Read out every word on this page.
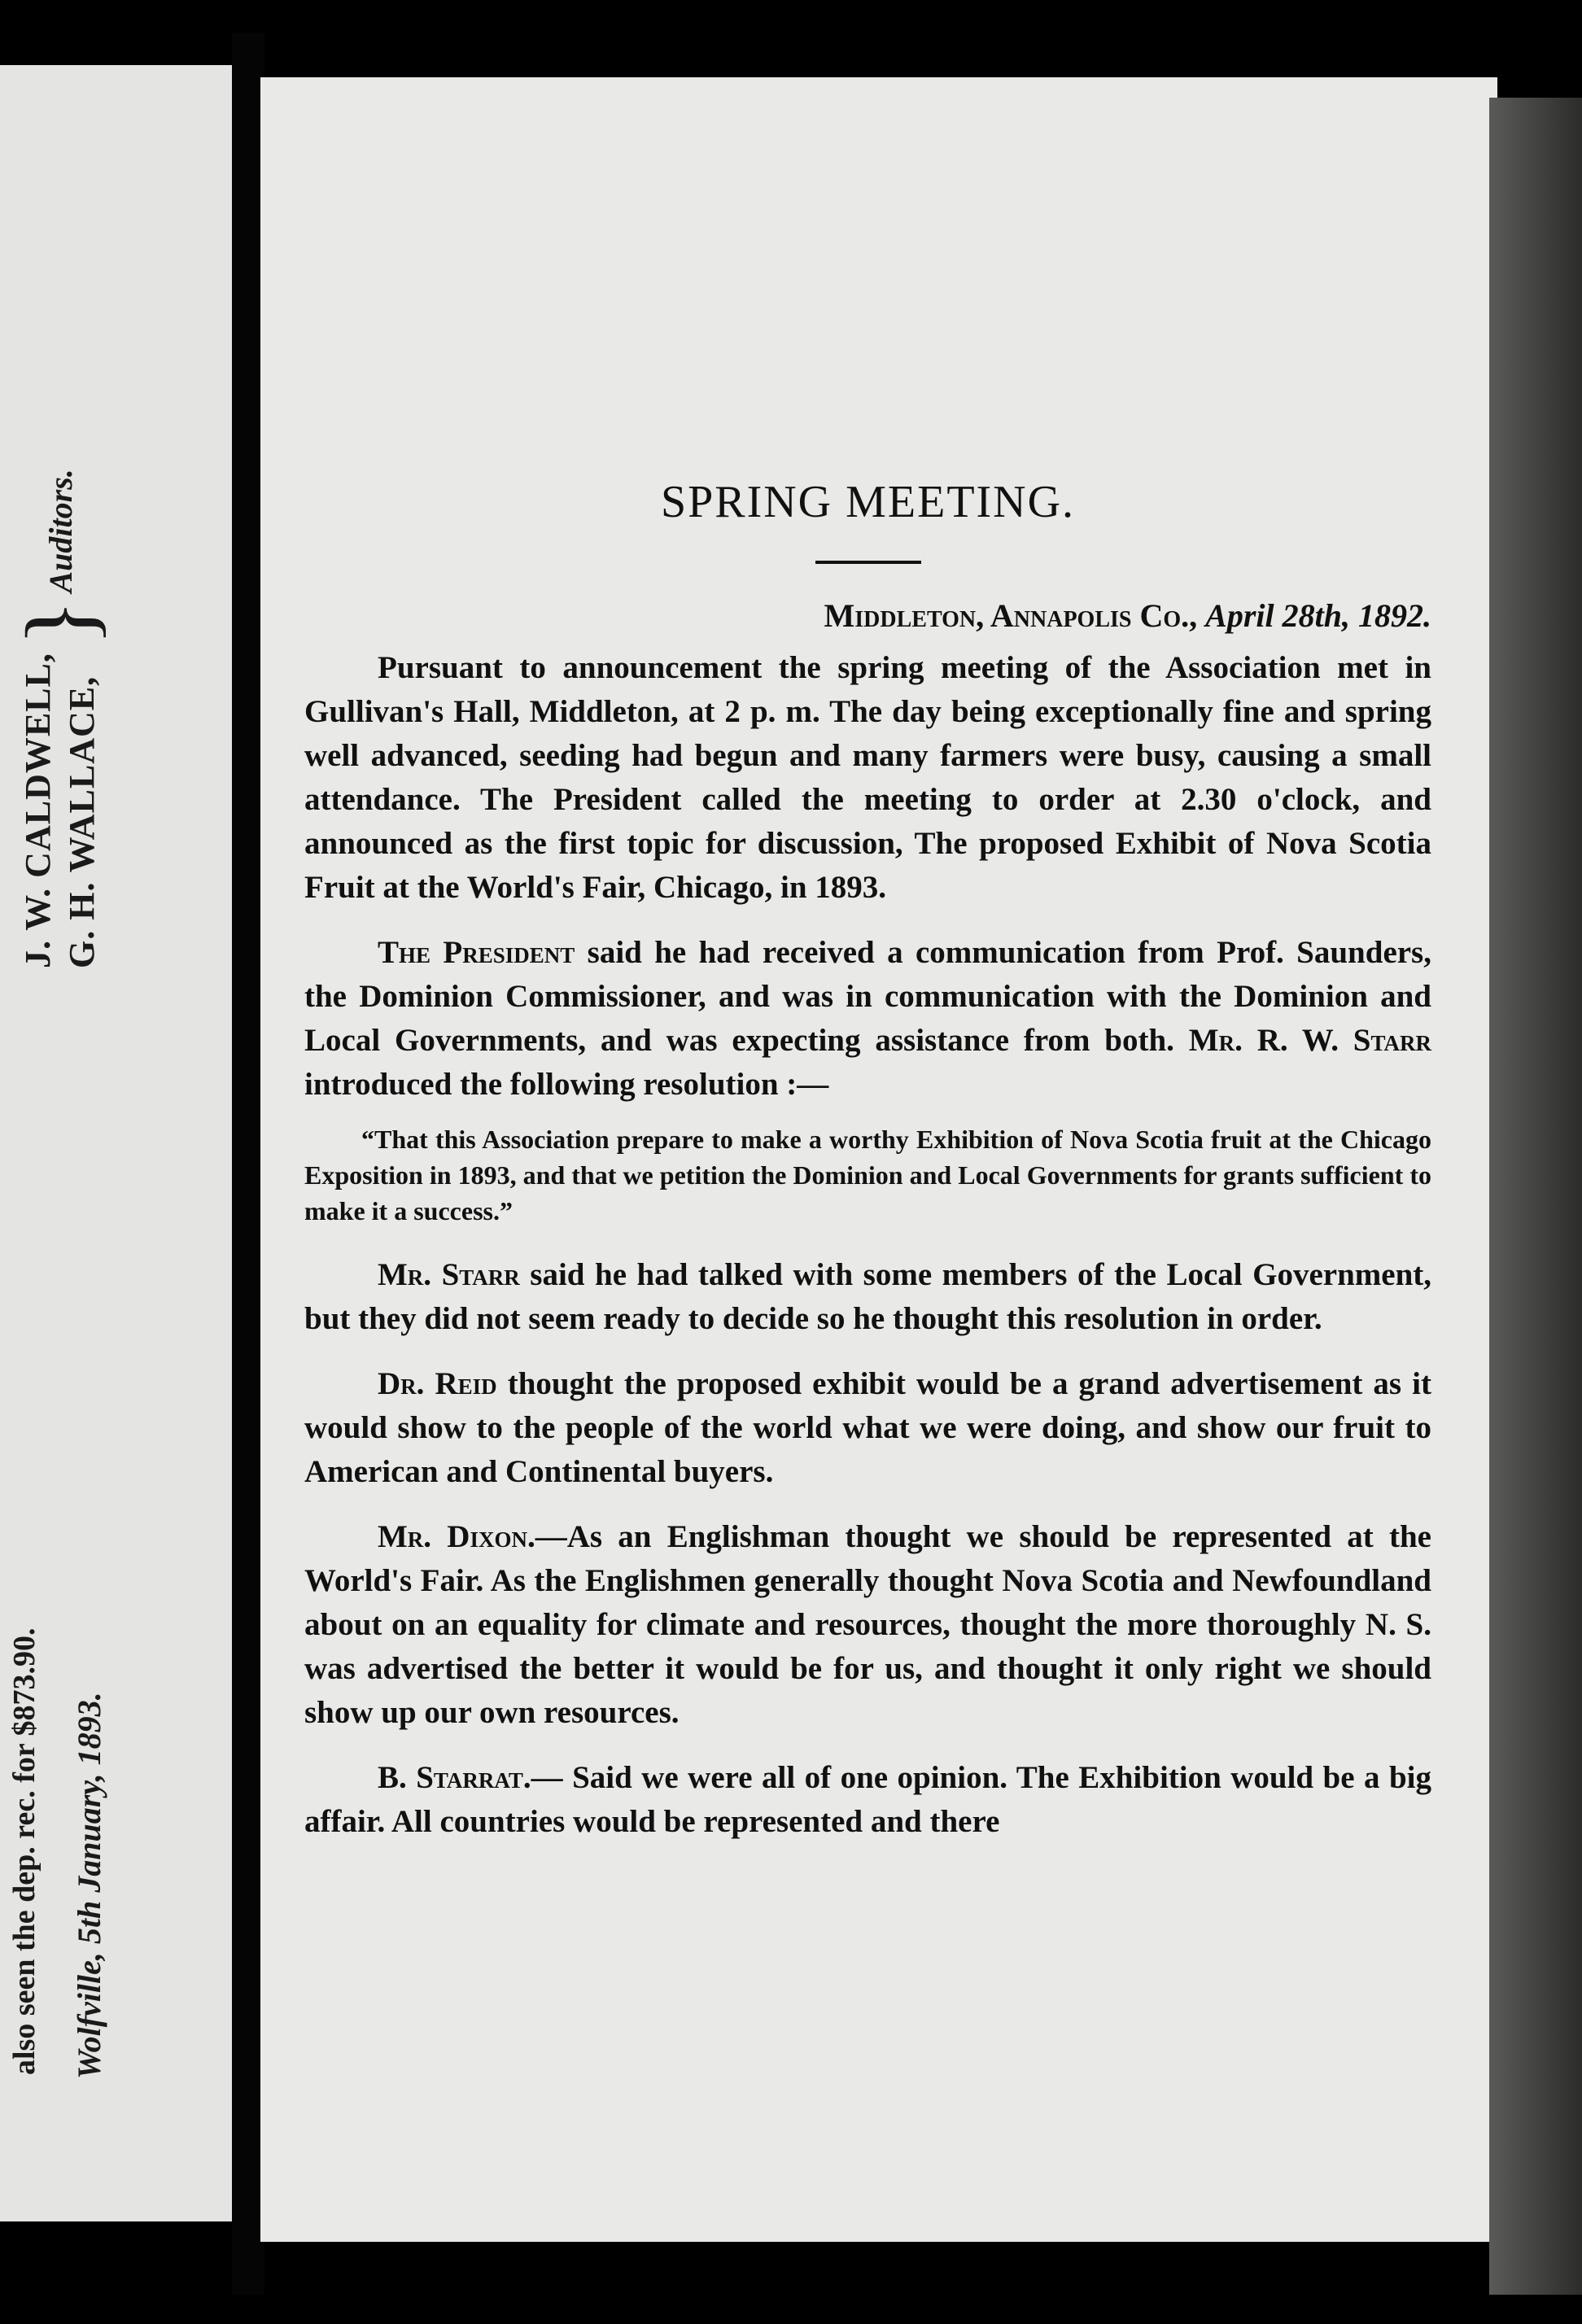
J. W. CALDWELL, G. H. WALLACE,}Auditors.
also seen the dep. rec. for $873.90. Wolfville, 5th January, 1893.
SPRING MEETING.
Middleton, Annapolis Co., April 28th, 1892.

Pursuant to announcement the spring meeting of the Association met in Gullivan's Hall, Middleton, at 2 p. m. The day being exceptionally fine and spring well advanced, seeding had begun and many farmers were busy, causing a small attendance. The President called the meeting to order at 2.30 o'clock, and announced as the first topic for discussion, The proposed Exhibit of Nova Scotia Fruit at the World's Fair, Chicago, in 1893.

The President said he had received a communication from Prof. Saunders, the Dominion Commissioner, and was in communication with the Dominion and Local Governments, and was expecting assistance from both. Mr. R. W. Starr introduced the following resolution :—

“That this Association prepare to make a worthy Exhibition of Nova Scotia fruit at the Chicago Exposition in 1893, and that we petition the Dominion and Local Governments for grants sufficient to make it a success.”

Mr. Starr said he had talked with some members of the Local Government, but they did not seem ready to decide so he thought this resolution in order.

Dr. Reid thought the proposed exhibit would be a grand advertisement as it would show to the people of the world what we were doing, and show our fruit to American and Continental buyers.

Mr. Dixon.—As an Englishman thought we should be represented at the World's Fair. As the Englishmen generally thought Nova Scotia and Newfoundland about on an equality for climate and resources, thought the more thoroughly N. S. was advertised the better it would be for us, and thought it only right we should show up our own resources.

B. Starrat.— Said we were all of one opinion. The Exhibition would be a big affair. All countries would be represented and there
